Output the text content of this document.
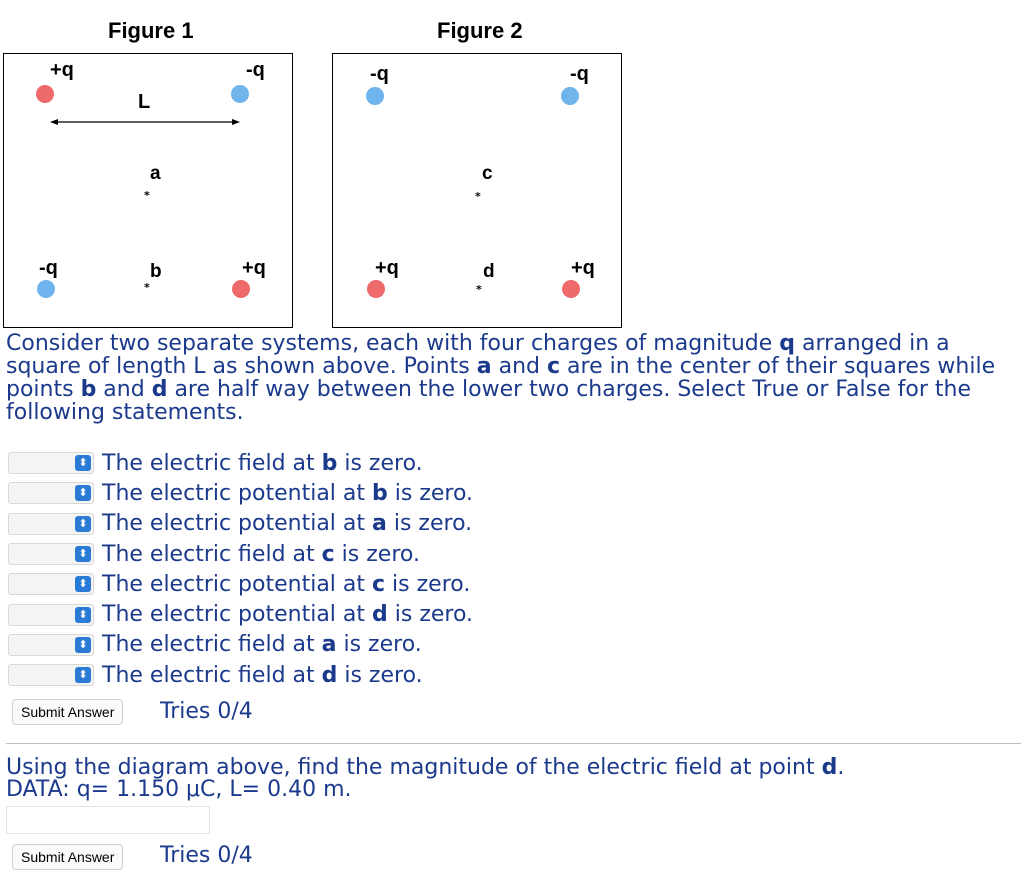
Figure 1	Figure 2
+q	-q
L
a
*
-q	b
*
+q
-q	-q
c
*
+q	d
*
+q
Consider two separate systems, each with four charges of magnitude q arranged in a square of length L as shown above. Points a and c are in the center of their squares while points b and d are half way between the lower two charges. Select True or False for the following statements.
⬍ The electric field at b is zero.
⬍ The electric potential at b is zero.
⬍ The electric potential at a is zero.
⬍ The electric field at c is zero.
⬍ The electric potential at c is zero.
⬍ The electric potential at d is zero.
⬍ The electric field at a is zero.
⬍ The electric field at d is zero.
Submit Answer	Tries 0/4
Using the diagram above, find the magnitude of the electric field at point d.
DATA: q= 1.150 μC, L= 0.40 m.
Submit Answer	Tries 0/4
